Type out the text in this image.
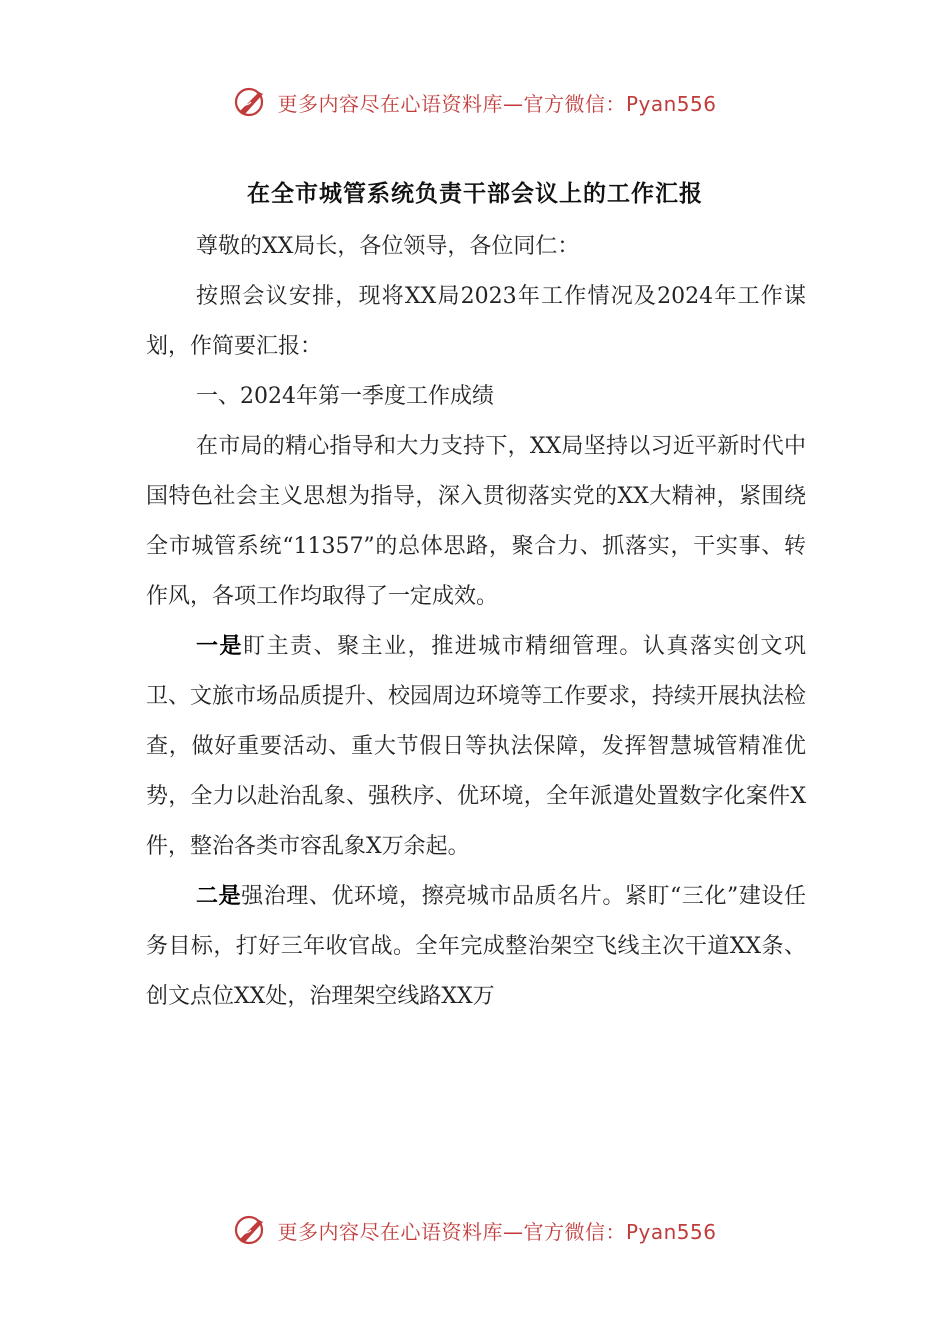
更多内容尽在心语资料库—官方微信：Pyan556
在全市城管系统负责干部会议上的工作汇报

尊敬的XX局长，各位领导，各位同仁：

按照会议安排，现将XX局2023年工作情况及2024年工作谋划，作简要汇报：

一、2024年第一季度工作成绩

在市局的精心指导和大力支持下，XX局坚持以习近平新时代中国特色社会主义思想为指导，深入贯彻落实党的XX大精神，紧围绕全市城管系统“11357”的总体思路，聚合力、抓落实，干实事、转作风，各项工作均取得了一定成效。

一是盯主责、聚主业，推进城市精细管理。认真落实创文巩卫、文旅市场品质提升、校园周边环境等工作要求，持续开展执法检查，做好重要活动、重大节假日等执法保障，发挥智慧城管精准优势，全力以赴治乱象、强秩序、优环境，全年派遣处置数字化案件X件，整治各类市容乱象X万余起。

二是强治理、优环境，擦亮城市品质名片。紧盯“三化”建设任务目标，打好三年收官战。全年完成整治架空飞线主次干道XX条、创文点位XX处，治理架空线路XX万

更多内容尽在心语资料库—官方微信：Pyan556
